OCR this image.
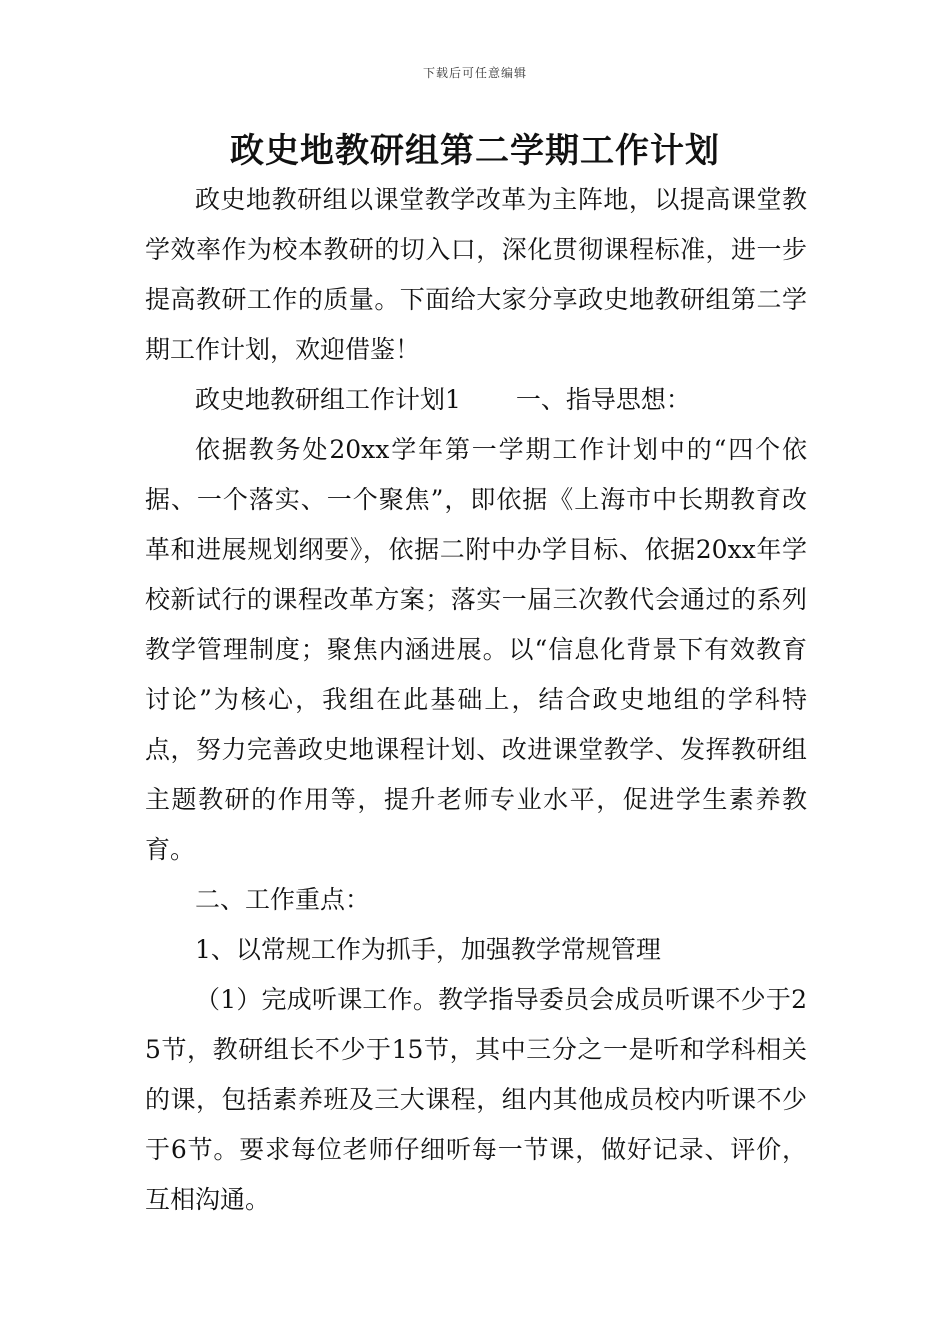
下载后可任意编辑
政史地教研组第二学期工作计划

政史地教研组以课堂教学改革为主阵地，以提高课堂教学效率作为校本教研的切入口，深化贯彻课程标准，进一步提高教研工作的质量。下面给大家分享政史地教研组第二学期工作计划，欢迎借鉴！

政史地教研组工作计划1 一、指导思想：

依据教务处20xx学年第一学期工作计划中的“四个依据、一个落实、一个聚焦”，即依据《上海市中长期教育改革和进展规划纲要》，依据二附中办学目标、依据20xx年学校新试行的课程改革方案；落实一届三次教代会通过的系列教学管理制度；聚焦内涵进展。以“信息化背景下有效教育讨论”为核心，我组在此基础上，结合政史地组的学科特点，努力完善政史地课程计划、改进课堂教学、发挥教研组主题教研的作用等，提升老师专业水平，促进学生素养教育。

二、工作重点：

1、以常规工作为抓手，加强教学常规管理

（1）完成听课工作。教学指导委员会成员听课不少于25节，教研组长不少于15节，其中三分之一是听和学科相关的课，包括素养班及三大课程，组内其他成员校内听课不少于6节。要求每位老师仔细听每一节课，做好记录、评价，互相沟通。
